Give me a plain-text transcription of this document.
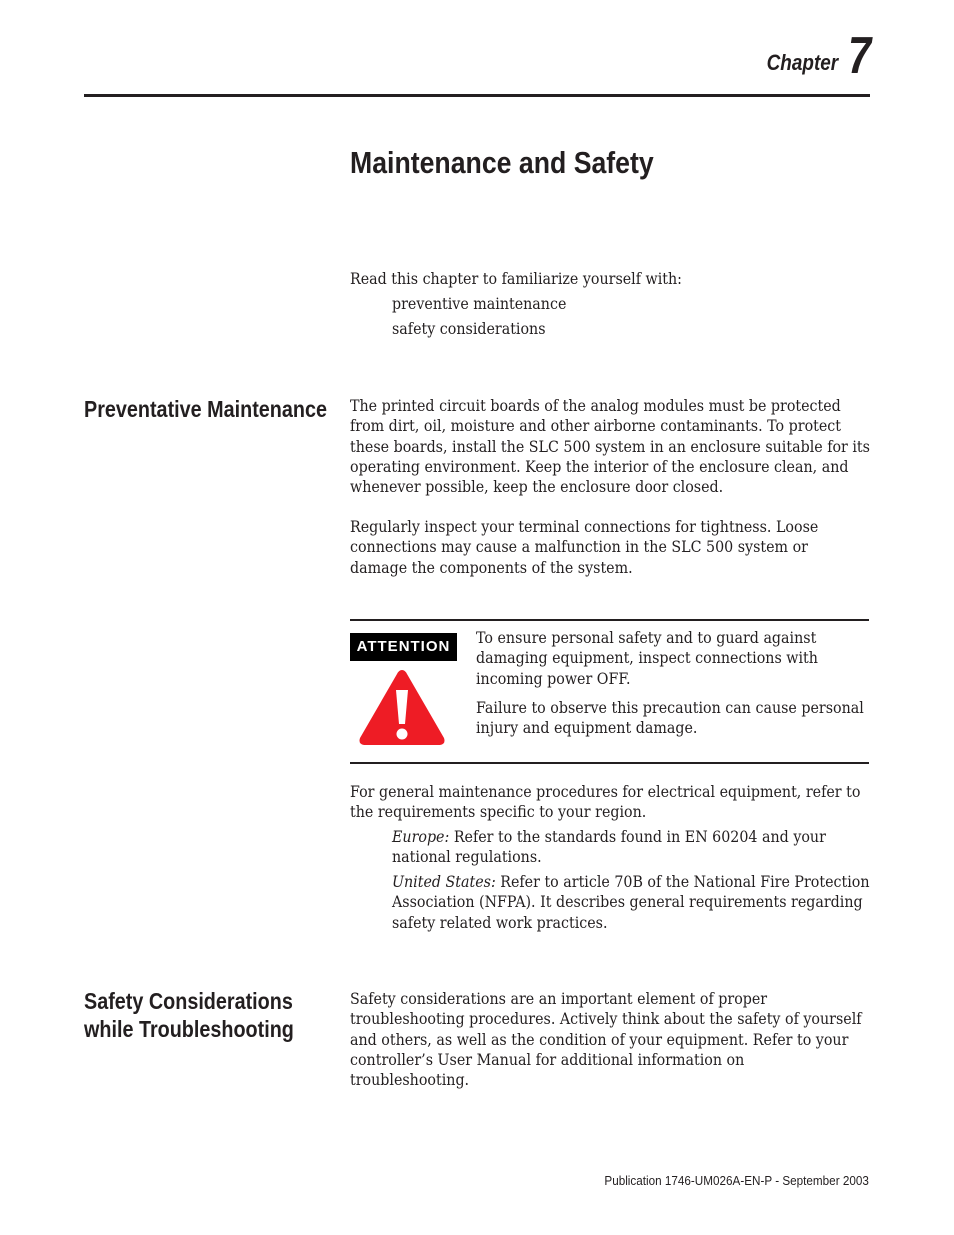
Chapter 7
Maintenance and Safety
Read this chapter to familiarize yourself with:
preventive maintenance
safety considerations
Preventative Maintenance The printed circuit boards of the analog modules must be protected
from dirt, oil, moisture and other airborne contaminants. To protect
these boards, install the SLC 500 system in an enclosure suitable for its
operating environment. Keep the interior of the enclosure clean, and
whenever possible, keep the enclosure door closed.
Regularly inspect your terminal connections for tightness. Loose
connections may cause a malfunction in the SLC 500 system or
damage the components of the system.
ATTENTION	To ensure personal safety and to guard against
damaging equipment, inspect connections with
incoming power OFF.
Failure to observe this precaution can cause personal
injury and equipment damage.
For general maintenance procedures for electrical equipment, refer to
the requirements specific to your region.
Europe: Refer to the standards found in EN 60204 and your
national regulations.
United States: Refer to article 70B of the National Fire Protection
Association (NFPA). It describes general requirements regarding
safety related work practices.
Safety Considerations
while Troubleshooting
Safety considerations are an important element of proper
troubleshooting procedures. Actively think about the safety of yourself
and others, as well as the condition of your equipment. Refer to your
controller’s User Manual for additional information on
troubleshooting.
Publication 1746-UM026A-EN-P - September 2003
